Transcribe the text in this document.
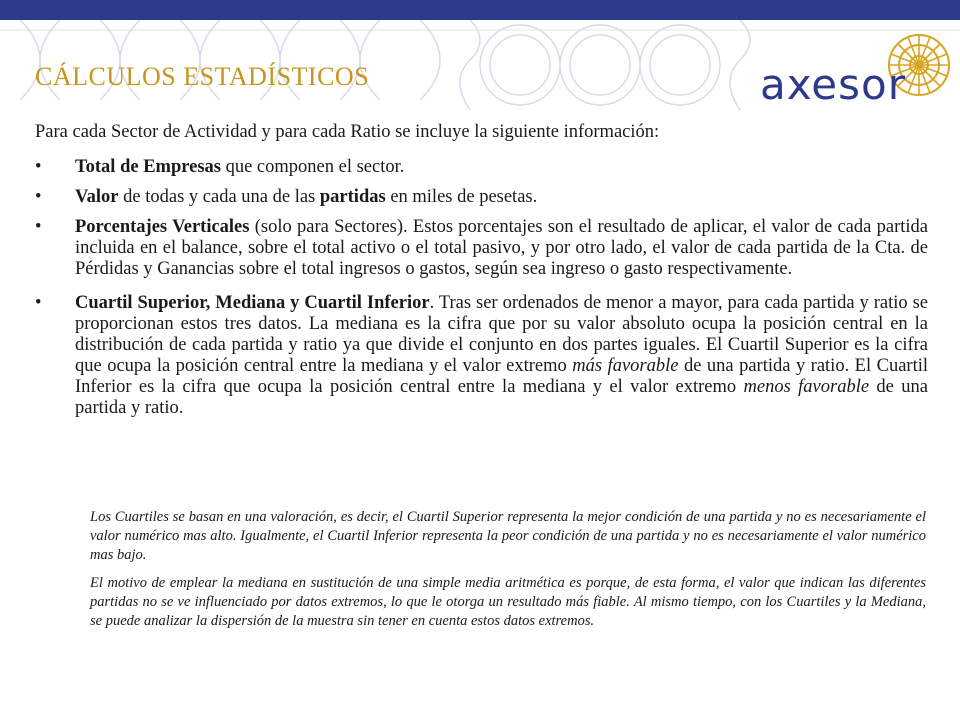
CÁLCULOS ESTADÍSTICOS	axesor
Para cada Sector de Actividad y para cada Ratio se incluye la siguiente información:
• Total de Empresas que componen el sector.
• Valor de todas y cada una de las partidas en miles de pesetas.
• Porcentajes Verticales (solo para Sectores). Estos porcentajes son el resultado de aplicar, el valor de cada partida incluida en el balance, sobre el total activo o el total pasivo, y por otro lado, el valor de cada partida de la Cta. de Pérdidas y Ganancias sobre el total ingresos o gastos, según sea ingreso o gasto respectivamente.
• Cuartil Superior, Mediana y Cuartil Inferior. Tras ser ordenados de menor a mayor, para cada partida y ratio se proporcionan estos tres datos. La mediana es la cifra que por su valor absoluto ocupa la posición central en la distribución de cada partida y ratio ya que divide el conjunto en dos partes iguales. El Cuartil Superior es la cifra que ocupa la posición central entre la mediana y el valor extremo más favorable de una partida y ratio. El Cuartil Inferior es la cifra que ocupa la posición central entre la mediana y el valor extremo menos favorable de una partida y ratio.

Los Cuartiles se basan en una valoración, es decir, el Cuartil Superior representa la mejor condición de una partida y no es necesariamente el valor numérico mas alto. Igualmente, el Cuartil Inferior representa la peor condición de una partida y no es necesariamente el valor numérico mas bajo.

El motivo de emplear la mediana en sustitución de una simple media aritmética es porque, de esta forma, el valor que indican las diferentes partidas no se ve influenciado por datos extremos, lo que le otorga un resultado más fiable. Al mismo tiempo, con los Cuartiles y la Mediana, se puede analizar la dispersión de la muestra sin tener en cuenta estos datos extremos.
